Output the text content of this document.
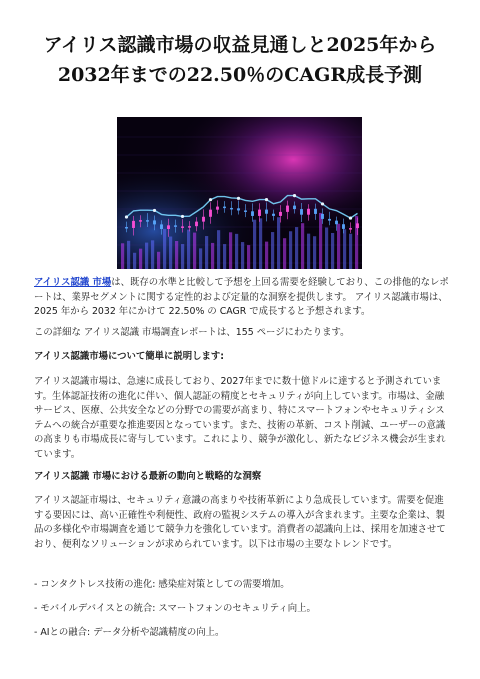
アイリス認識市場の収益見通しと2025年から
2032年までの22.50％のCAGR成長予測

アイリス認識 市場は、既存の水準と比較して予想を上回る需要を経験しており、この排他的なレポートは、業界セグメントに関する定性的および定量的な洞察を提供します。 アイリス認識市場は、2025 年から 2032 年にかけて 22.50% の CAGR で成長すると予想されます。

この詳細な アイリス認識 市場調査レポートは、155 ページにわたります。

アイリス認識市場について簡単に説明します:

アイリス認識市場は、急速に成長しており、2027年までに数十億ドルに達すると予測されています。生体認証技術の進化に伴い、個人認証の精度とセキュリティが向上しています。市場は、金融サービス、医療、公共安全などの分野での需要が高まり、特にスマートフォンやセキュリティシステムへの統合が重要な推進要因となっています。また、技術の革新、コスト削減、ユーザーの意識の高まりも市場成長に寄与しています。これにより、競争が激化し、新たなビジネス機会が生まれています。

アイリス認識 市場における最新の動向と戦略的な洞察

アイリス認証市場は、セキュリティ意識の高まりや技術革新により急成長しています。需要を促進する要因には、高い正確性や利便性、政府の監視システムの導入が含まれます。主要な企業は、製品の多様化や市場調査を通じて競争力を強化しています。消費者の認識向上は、採用を加速させており、便利なソリューションが求められています。以下は市場の主要なトレンドです。

- コンタクトレス技術の進化: 感染症対策としての需要増加。

- モバイルデバイスとの統合: スマートフォンのセキュリティ向上。

- AIとの融合: データ分析や認識精度の向上。
